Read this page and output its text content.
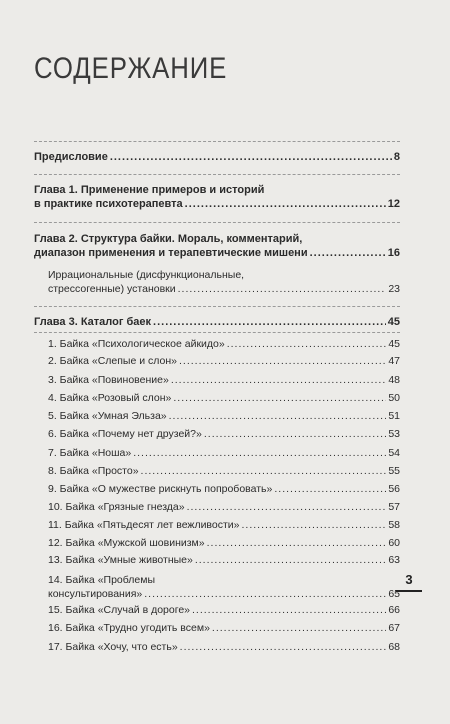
СОДЕРЖАНИЕ
Предисловие .....	8
Глава 1. Применение примеров и историй
в практике психотерапевта .....	12
Глава 2. Структура байки. Мораль, комментарий,
диапазон применения и терапевтические мишени .....	16
Иррациональные (дисфункциональные,
стрессогенные) установки .....	23
Глава 3. Каталог баек .....	45
1. Байка «Психологическое айкидо» .....	45
2. Байка «Слепые и слон» .....	47
3. Байка «Повиновение» .....	48
4. Байка «Розовый слон» .....	50
5. Байка «Умная Эльза» .....	51
6. Байка «Почему нет друзей?» .....	53
7. Байка «Ноша» .....	54
8. Байка «Просто» .....	55
9. Байка «О мужестве рискнуть попробовать» .....	56
10. Байка «Грязные гнезда» .....	57
11. Байка «Пятьдесят лет вежливости» .....	58
12. Байка «Мужской шовинизм» .....	60
13. Байка «Умные животные» .....	63
14. Байка «Проблемы
консультирования» .....	65
15. Байка «Случай в дороге» .....	66
16. Байка «Трудно угодить всем» .....	67
17. Байка «Хочу, что есть» .....	68
3
